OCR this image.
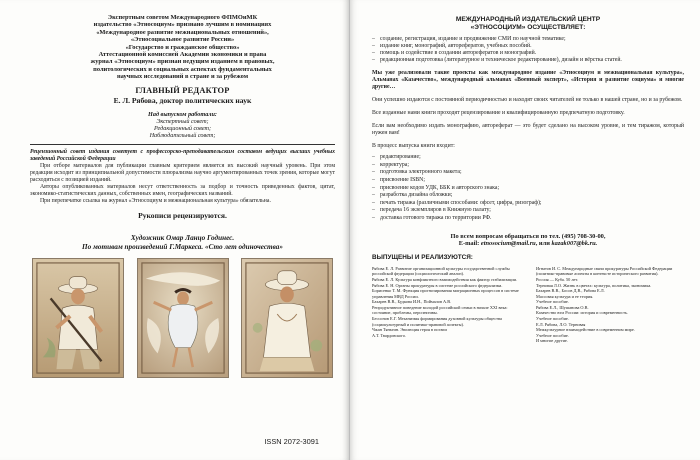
Экспертным советом Международного ФПМОиМК
издательство «Этносоциум» признано лучшим в номинациях
«Международное развитие межнациональных отношений»,
«Этносоциальное развитие России»
«Государство и гражданское общество»
Аттестационной комиссией Академии экономики и права
журнал «Этносоциум» признан ведущим изданием в правовых,
политологических и социальных аспектах фундаментальных
научных исследований в стране и за рубежом
ГЛАВНЫЙ РЕДАКТОР
Е. Л. Рябова, доктор политических наук
Над выпуском работали:
Экспертный совет;
Редакционный совет;
Наблюдательный совет;
Рецензионный совет издания советует с профессорско-преподавательским составом ведущих высших учебных заведений Российской Федерации
При отборе материалов для публикации главным критерием является их высокий научный уровень. При этом редакция исходит из принципиальной допустимости плюрализма научно аргументированных точек зрения, которые могут расходиться с позицией изданий.
Авторы опубликованных материалов несут ответственность за подбор и точность приведенных фактов, цитат, экономико-статистических данных, собственных имен, географических названий.
При перепечатке ссылка на журнал «Этносоциум и межнациональная культура» обязательна.
Рукописи рецензируются.
Художник Омар Ланцо Годинес.
По мотивам произведений Г.Маркеса. «Сто лет одиночества»
ISSN 2072-3091
МЕЖДУНАРОДНЫЙ ИЗДАТЕЛЬСКИЙ ЦЕНТР
«ЭТНОСОЦИУМ» ОСУЩЕСТВЛЯЕТ:
– создание, регистрация, издание и продвижение СМИ по научной тематике;
– издание книг, монографий, авторефератов, учебных пособий.
– помощь и содействие в создании авторефератов и монографий.
– редакционная подготовка (литературное и техническое редактирование), дизайн и вёрстка статей.
Мы уже реализовали такие проекты как международное издание «Этносоциум и межнациональная культура», Альманах «Казачество», международный альманах «Военный эксперт», «История и развитие социума» и многие другие…
Они успешно издаются с постоянной периодичностью и находят своих читателей не только в нашей стране, но и за рубежом.
Все изданные нами книги проходят рецензирование и квалифицированную предпечатную подготовку.
Если вам необходимо издать монографию, автореферат — это будет сделано на высоком уровне, и тем тиражом, который нужен вам!
В процесс выпуска книги входит:
– редактирование;
– корректура;
– подготовка электронного макета;
– присвоение ISBN;
– присвоение кодов УДК, ББК и авторского знака;
– разработка дизайна обложки;
– печать тиража (различными способами: офсет, цифра, ризограф);
– передача 16 экземпляров в Книжную палату;
– доставка готового тиража по территории РФ.
По всем вопросам обращаться по тел. (495) 708-30-00,
E-mail: etnosocium@mail.ru, или kazak007@bk.ru.
ВЫПУЩЕНЫ И РЕАЛИЗУЮТСЯ:
Рябова Е. Л. Развитие организационной культуры государственной службы российской федерации (социологический анализ).
Рябова Е. Л. Культура конфликтного взаимодействия как фактор стабилизации.
Рябова Е. Н. Органы прокуратуры в системе российского федерализма.
Борисенко Т. М. Функция прогнозирования миграционных процессов в системе управления МВД России.
Бахарев В.В., Будкова И.Н., Поймалов А.В.
Репродуктивное поведение молодой российской семьи в начале XXI века: состояние, проблемы, перспективы.
Бессонов Е.Г. Механизмы формирования духовной культуры общества (социокультурный и политико-правовой аспекты).
Чжан Тяньтин. Эволюция героя в поэзии
А.Т. Твардовского.
Игнатов И. С. Международные связи прокуратуры Российской Федерации (политико-правовые аспекты в контексте исторического развития).
Россия — Куба. 50 лет.
Терновая Л.О. Жизнь в цветах: культура, политика, экономика.
Бахарев В.В., Босов Д.В., Рябова Е.Л.
Массовая культура и ее теория.
Учебное пособие.
Рябова Е.Л., Шушанова О.В.
Казачество юга России: история и современность.
Учебное пособие.
Е.Л. Рябова, Л.О. Терновая
Межкультурное взаимодействие в современном мире.
Учебное пособие.
И многие другие.
